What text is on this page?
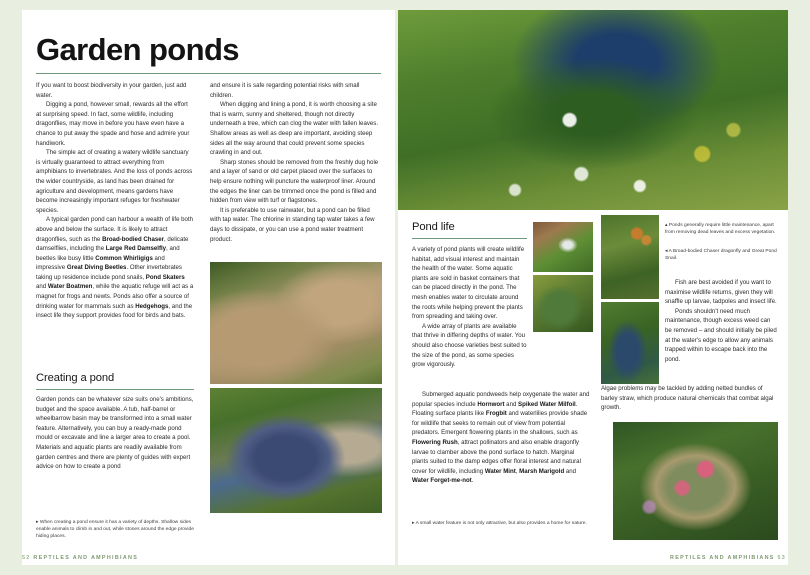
Garden ponds

If you want to boost biodiversity in your garden, just add water.

Digging a pond, however small, rewards all the effort at surprising speed. In fact, some wildlife, including dragonflies, may move in before you have even have a chance to put away the spade and hose and admire your handiwork.

The simple act of creating a watery wildlife sanctuary is virtually guaranteed to attract everything from amphibians to invertebrates. And the loss of ponds across the wider countryside, as land has been drained for agriculture and development, means gardens have become increasingly important refuges for freshwater species.

A typical garden pond can harbour a wealth of life both above and below the surface. It is likely to attract dragonflies, such as the Broad-bodied Chaser, delicate damselflies, including the Large Red Damselfly, and beetles like busy little Common Whirligigs and impressive Great Diving Beetles. Other invertebrates taking up residence include pond snails, Pond Skaters and Water Boatmen, while the aquatic refuge will act as a magnet for frogs and newts. Ponds also offer a source of drinking water for mammals such as Hedgehogs, and the insect life they support provides food for birds and bats.

and ensure it is safe regarding potential risks with small children.

When digging and lining a pond, it is worth choosing a site that is warm, sunny and sheltered, though not directly underneath a tree, which can clog the water with fallen leaves. Shallow areas as well as deep are important, avoiding steep sides all the way around that could prevent some species crawling in and out.

Sharp stones should be removed from the freshly dug hole and a layer of sand or old carpet placed over the surfaces to help ensure nothing will puncture the waterproof liner. Around the edges the liner can be trimmed once the pond is filled and hidden from view with turf or flagstones.

It is preferable to use rainwater, but a pond can be filled with tap water. The chlorine in standing tap water takes a few days to dissipate, or you can use a pond water treatment product.

Creating a pond

Garden ponds can be whatever size suits one's ambitions, budget and the space available. A tub, half-barrel or wheelbarrow basin may be transformed into a small water feature. Alternatively, you can buy a ready-made pond mould or excavate and line a larger area to create a pool. Materials and aquatic plants are readily available from garden centres and there are plenty of guides with expert advice on how to create a pond

▸ When creating a pond ensure it has a variety of depths. Shallow sides enable animals to climb in and out, while stones around the edge provide hiding places.
Pond life

A variety of pond plants will create wildlife habitat, add visual interest and maintain the health of the water. Some aquatic plants are sold in basket containers that can be placed directly in the pond. The mesh enables water to circulate around the roots while helping prevent the plants from spreading and taking over.

A wide array of plants are available that thrive in differing depths of water. You should also choose varieties best suited to the size of the pond, as some species grow vigorously.

Submerged aquatic pondweeds help oxygenate the water and popular species include Hornwort and Spiked Water Milfoil. Floating surface plants like Frogbit and waterlilies provide shade for wildlife that seeks to remain out of view from potential predators. Emergent flowering plants in the shallows, such as Flowering Rush, attract pollinators and also enable dragonfly larvae to clamber above the pond surface to hatch. Marginal plants suited to the damp edges offer floral interest and natural cover for wildlife, including Water Mint, Marsh Marigold and Water Forget-me-not.

▸ A small water feature is not only attractive, but also provides a home for nature.
▴ Ponds generally require little maintenance, apart from removing dead leaves and excess vegetation.
◂ A Broad-bodied Chaser dragonfly and Great Pond Snail.

Fish are best avoided if you want to maximise wildlife returns, given they will snaffle up larvae, tadpoles and insect life.

Ponds shouldn't need much maintenance, though excess weed can be removed – and should initially be piled at the water's edge to allow any animals trapped within to escape back into the pond.

Algae problems may be tackled by adding netted bundles of barley straw, which produce natural chemicals that combat algal growth.

52 REPTILES AND AMPHIBIANS	REPTILES AND AMPHIBIANS 53
